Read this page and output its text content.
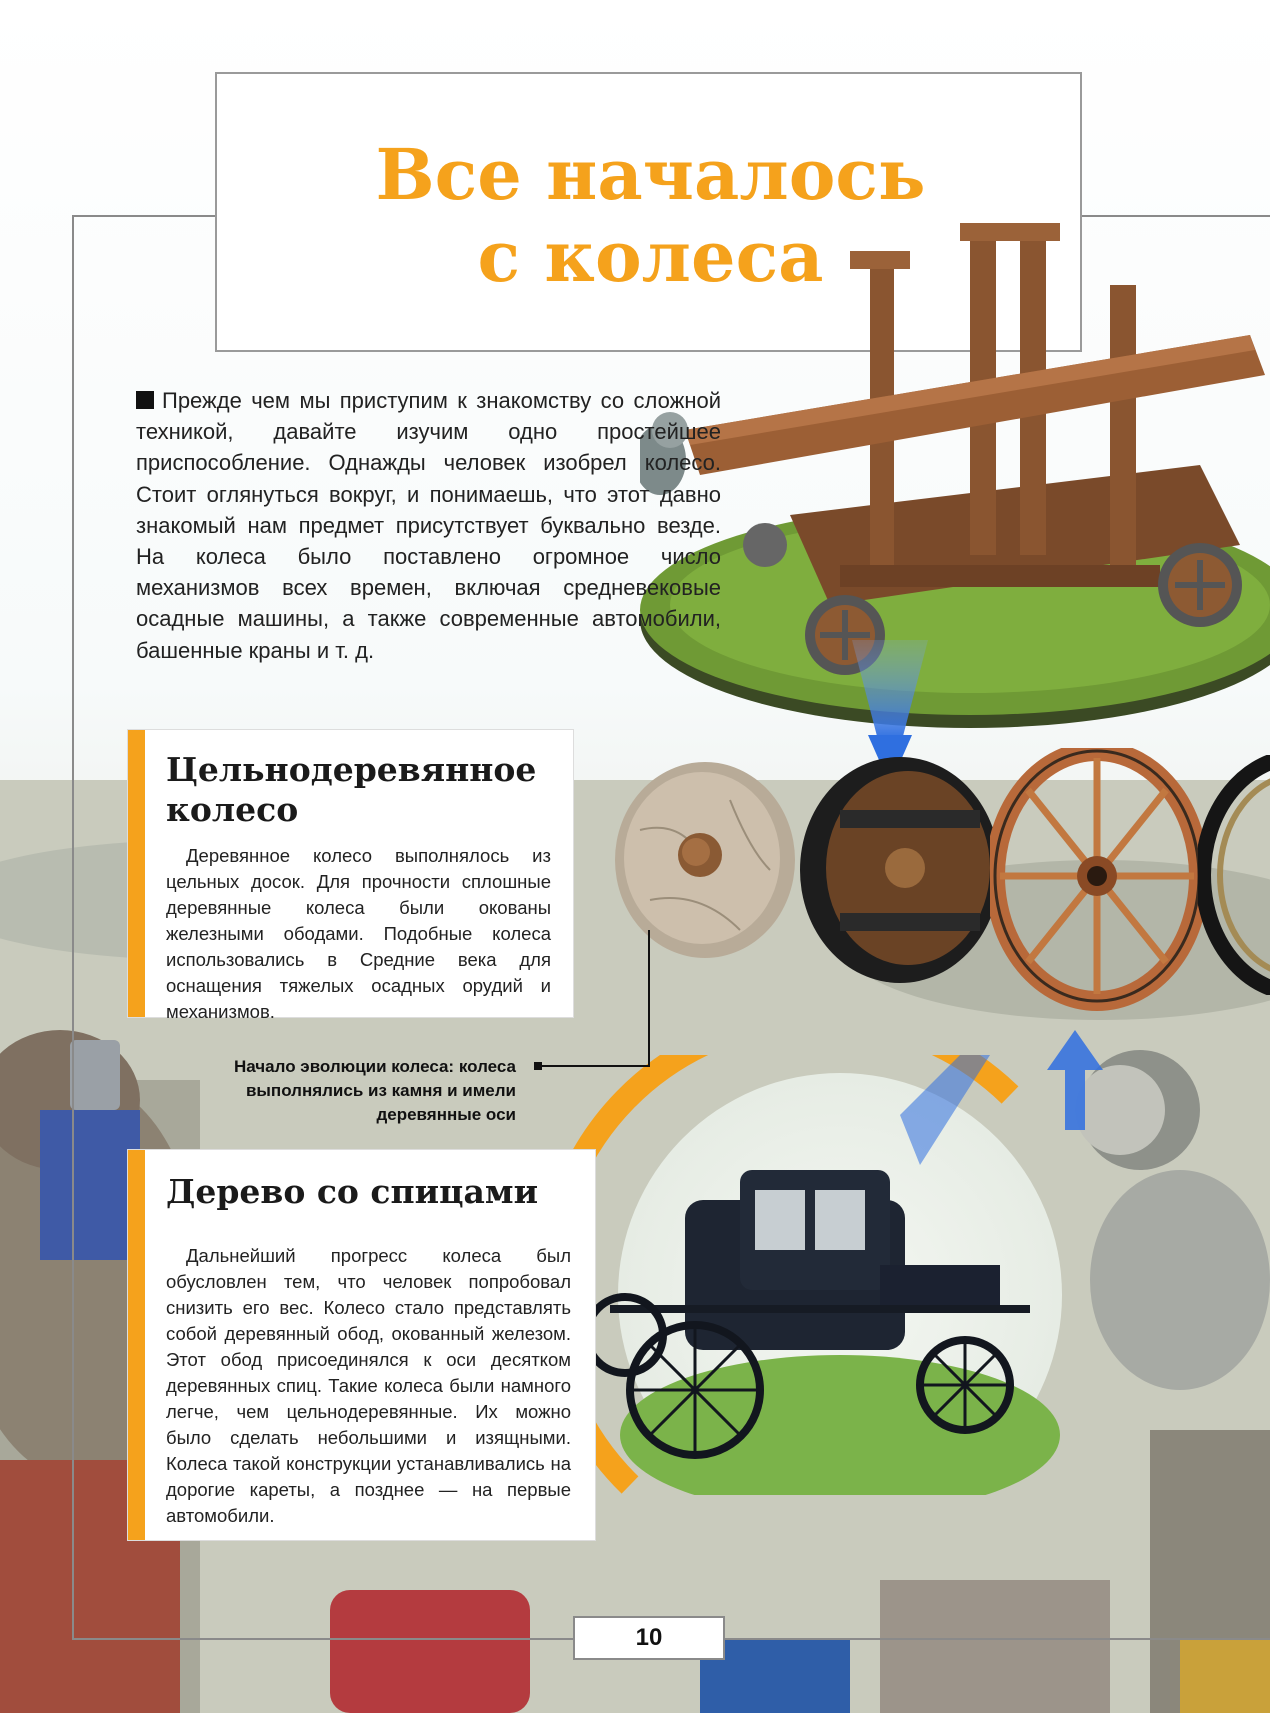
Все началось
с колеса
Прежде чем мы приступим к знакомству со сложной техникой, давайте изучим одно простейшее приспособление. Однажды человек изобрел колесо. Стоит оглянуться вокруг, и понимаешь, что этот давно знакомый нам предмет присутствует буквально везде. На колеса было поставлено огромное число механизмов всех времен, включая средневековые осадные машины, а также современные автомобили, башенные краны и т. д.
Цельнодеревянное колесо

Деревянное колесо выполнялось из цельных досок. Для прочности сплошные деревянные колеса были окованы железными ободами. Подобные колеса использовались в Средние века для оснащения тяжелых осадных орудий и механизмов.

Начало эволюции колеса: колеса выполнялись из камня и имели деревянные оси
Дерево со спицами

Дальнейший прогресс колеса был обусловлен тем, что человек попробовал снизить его вес. Колесо стало представлять собой деревянный обод, окованный железом. Этот обод присоединялся к оси десятком деревянных спиц. Такие колеса были намного легче, чем цельнодеревянные. Их можно было сделать небольшими и изящными. Колеса такой конструкции устанавливались на дорогие кареты, а позднее — на первые автомобили.

10
